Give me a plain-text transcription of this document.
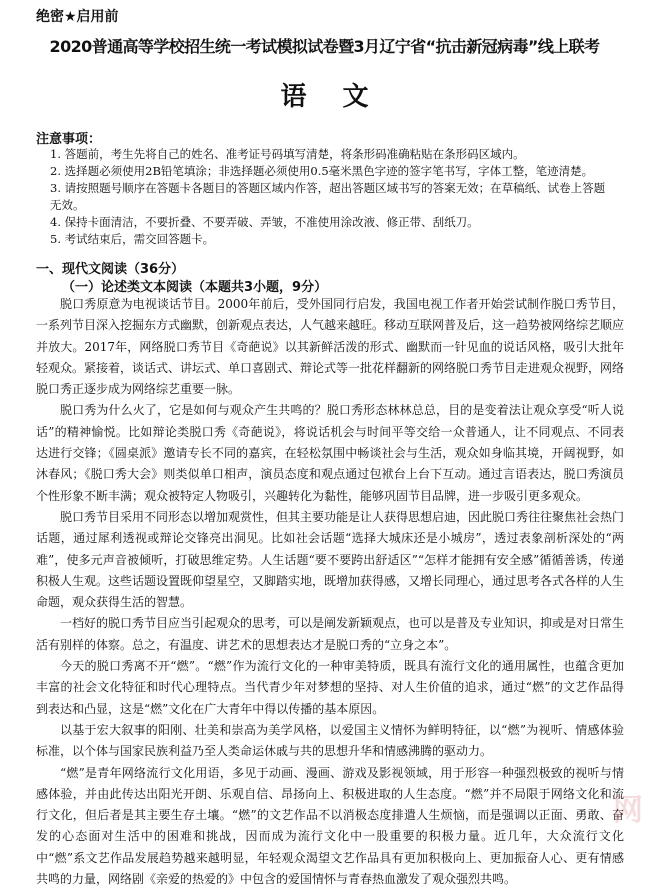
绝密★启用前
2020普通高等学校招生统一考试模拟试卷暨3月辽宁省“抗击新冠病毒”线上联考
语文
注意事项：

1. 答题前，考生先将自己的姓名、准考证号码填写清楚，将条形码准确粘贴在条形码区域内。

2. 选择题必须使用2B铅笔填涂；非选择题必须使用0.5毫米黑色字迹的签字笔书写，字体工整，笔迹清楚。

3. 请按照题号顺序在答题卡各题目的答题区域内作答，超出答题区域书写的答案无效；在草稿纸、试卷上答题无效。

4. 保持卡面清洁，不要折叠、不要弄破、弄皱，不准使用涂改液、修正带、刮纸刀。

5. 考试结束后，需交回答题卡。

一、现代文阅读（36分）
（一）论述类文本阅读（本题共3小题，9分）

脱口秀原意为电视谈话节目。2000年前后，受外国同行启发，我国电视工作者开始尝试制作脱口秀节目，一系列节目深入挖掘东方式幽默，创新观点表达，人气越来越旺。移动互联网普及后，这一趋势被网络综艺顺应并放大。2017年，网络脱口秀节目《奇葩说》以其新鲜活泼的形式、幽默而一针见血的说话风格，吸引大批年轻观众。紧接着，谈话式、讲坛式、单口喜剧式、辩论式等一批花样翻新的网络脱口秀节目走进观众视野，网络脱口秀正逐步成为网络综艺重要一脉。

脱口秀为什么火了，它是如何与观众产生共鸣的？脱口秀形态林林总总，目的是变着法让观众享受“听人说话”的精神愉悦。比如辩论类脱口秀《奇葩说》，将说话机会与时间平等交给一众普通人，让不同观点、不同表达进行交锋；《圆桌派》邀请专长不同的嘉宾，在轻松氛围中畅谈社会与生活，观众如身临其境，开阔视野，如沐春风；《脱口秀大会》则类似单口相声，演员态度和观点通过包袱台上台下互动。通过言语表达，脱口秀演员个性形象不断丰满；观众被特定人物吸引，兴趣转化为黏性，能够巩固节目品牌，进一步吸引更多观众。

脱口秀节目采用不同形态以增加观赏性，但其主要功能是让人获得思想启迪，因此脱口秀往往聚焦社会热门话题，通过犀利透视或辩论交锋亮出洞见。比如社会话题“选择大城床还是小城房”，透过表象剖析深处的“两难”，使多元声音被倾听，打破思维定势。人生话题“要不要跨出舒适区”“怎样才能拥有安全感”循循善诱，传递积极人生观。这些话题设置既仰望星空，又脚踏实地，既增加获得感，又增长同理心，通过思考各式各样的人生命题，观众获得生活的智慧。

一档好的脱口秀节目应当引起观众的思考，可以是阐发新颖观点，也可以是普及专业知识，抑或是对日常生活有别样的体察。总之，有温度、讲艺术的思想表达才是脱口秀的“立身之本”。

今天的脱口秀离不开“燃”。“燃”作为流行文化的一种审美特质，既具有流行文化的通用属性，也蕴含更加丰富的社会文化特征和时代心理特点。当代青少年对梦想的坚持、对人生价值的追求，通过“燃”的文艺作品得到表达和凸显，这是“燃”文化在广大青年中得以传播的基本原因。

以基于宏大叙事的阳刚、壮美和崇高为美学风格，以爱国主义情怀为鲜明特征，以“燃”为视听、情感体验标准，以个体与国家民族利益乃至人类命运休戚与共的思想升华和情感沸腾的驱动力。

“燃”是青年网络流行文化用语，多见于动画、漫画、游戏及影视领域，用于形容一种强烈极致的视听与情感体验，并由此传达出阳光开朗、乐观自信、昂扬向上、积极进取的人生态度。“燃”并不局限于网络文化和流行文化，但后者是其主要生存土壤。“燃”的文艺作品不以消极态度排遣人生烦恼，而是强调以正面、勇敢、奋发的心态面对生活中的困难和挑战，因而成为流行文化中一股重要的积极力量。近几年，大众流行文化中“燃”系文艺作品发展趋势越来越明显，年轻观众渴望文艺作品具有更加积极向上、更加振奋人心、更有情感共鸣的力量，网络剧《亲爱的热爱的》中包含的爱国情怀与青春热血激发了观众强烈共鸣。

网
